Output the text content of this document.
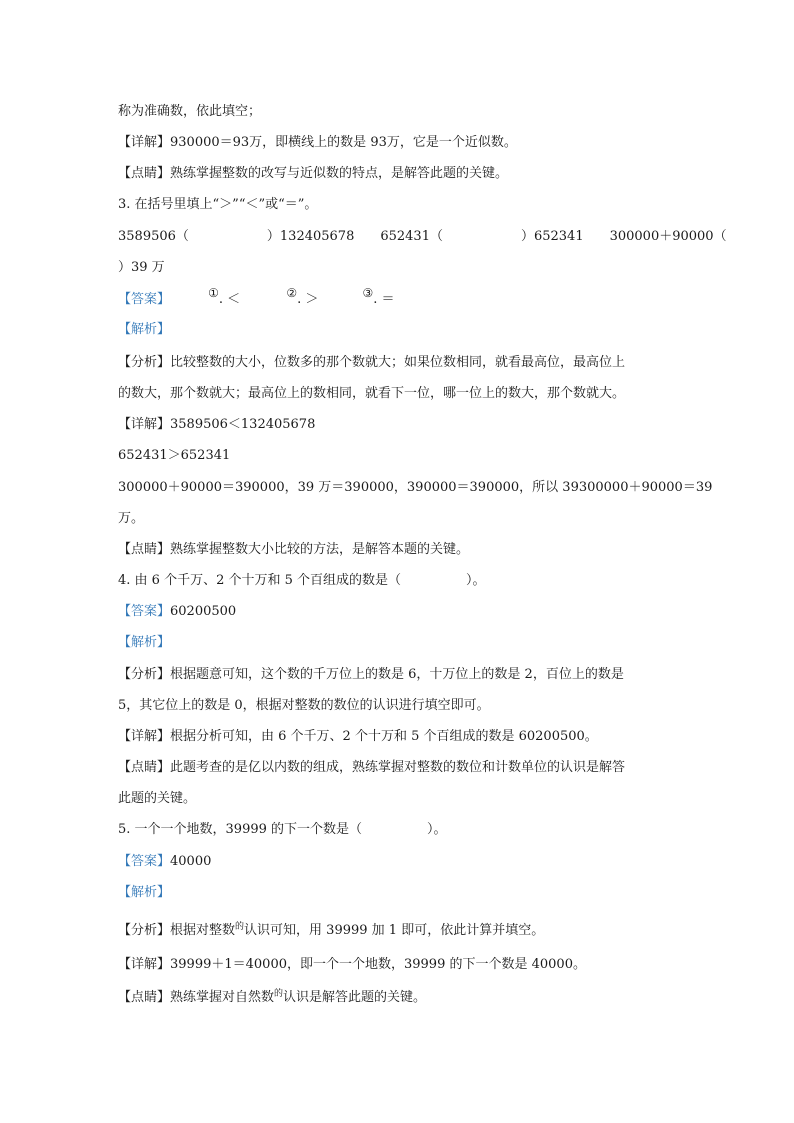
称为准确数，依此填空；
【详解】930000＝93万，即横线上的数是 93万，它是一个近似数。
【点睛】熟练掌握整数的改写与近似数的特点，是解答此题的关键。
3. 在括号里填上“＞”“＜”或“＝”。
3589506（　　　　　　）132405678　　652431（　　　　　　）652341　　300000＋90000（
）39 万
【答案】	①. ＜	②. ＞	③. ＝
【解析】
【分析】比较整数的大小，位数多的那个数就大；如果位数相同，就看最高位，最高位上
的数大，那个数就大；最高位上的数相同，就看下一位，哪一位上的数大，那个数就大。
【详解】3589506＜132405678
652431＞652341
300000＋90000＝390000，39 万＝390000，390000＝390000，所以 39300000＋90000＝39
万。
【点睛】熟练掌握整数大小比较的方法，是解答本题的关键。
4. 由 6 个千万、2 个十万和 5 个百组成的数是（　　　　　）。
【答案】60200500
【解析】
【分析】根据题意可知，这个数的千万位上的数是 6，十万位上的数是 2，百位上的数是
5，其它位上的数是 0，根据对整数的数位的认识进行填空即可。
【详解】根据分析可知，由 6 个千万、2 个十万和 5 个百组成的数是 60200500。
【点睛】此题考查的是亿以内数的组成，熟练掌握对整数的数位和计数单位的认识是解答
此题的关键。
5. 一个一个地数，39999 的下一个数是（　　　　　）。
【答案】40000
【解析】
【分析】根据对整数$^的$认识可知，用 39999 加 1 即可，依此计算并填空。
【详解】39999＋1＝40000，即一个一个地数，39999 的下一个数是 40000。
【点睛】熟练掌握对自然数$^的$认识是解答此题的关键。
